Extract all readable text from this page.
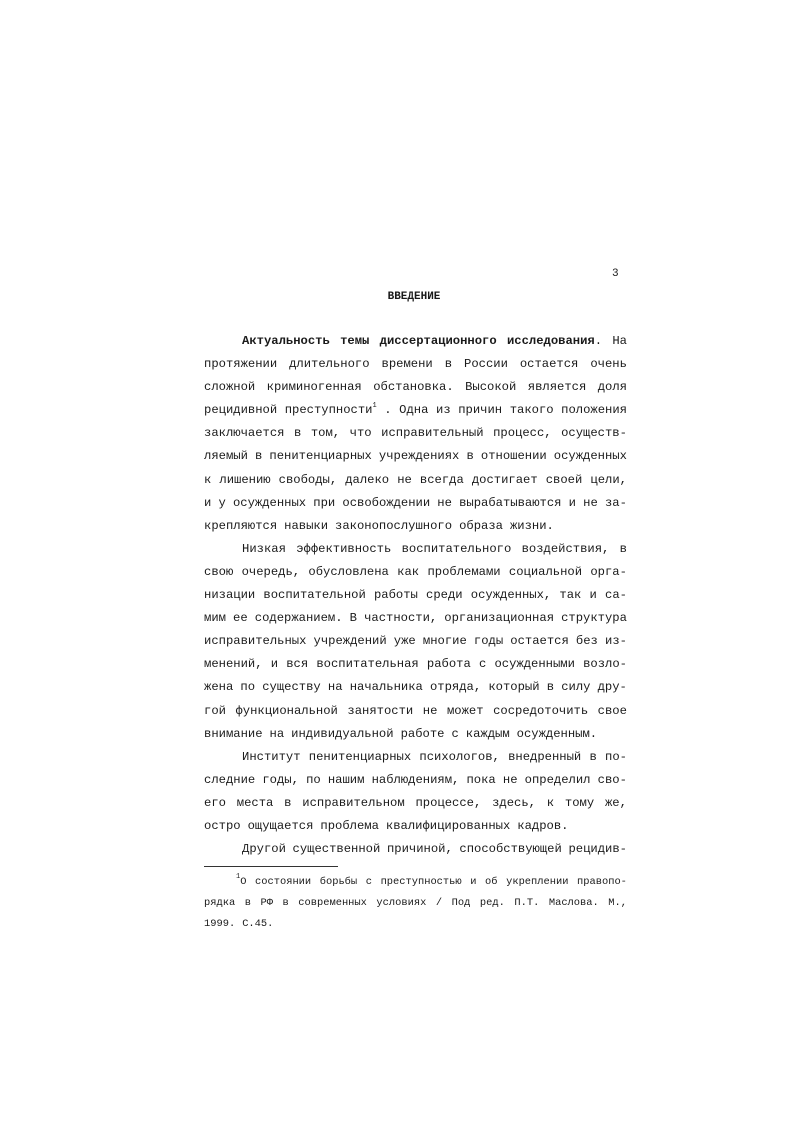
3
ВВЕДЕНИЕ
Актуальность темы диссертационного исследования. На
протяжении длительного времени в России остается очень
сложной криминогенная обстановка. Высокой является доля
рецидивной преступности$^1$ . Одна из причин такого положения
заключается в том, что исправительный процесс, осуществ-
ляемый в пенитенциарных учреждениях в отношении осужденных
к лишению свободы, далеко не всегда достигает своей цели,
и у осужденных при освобождении не вырабатываются и не за-
крепляются навыки законопослушного образа жизни.
Низкая эффективность воспитательного воздействия, в
свою очередь, обусловлена как проблемами социальной орга-
низации воспитательной работы среди осужденных, так и са-
мим ее содержанием. В частности, организационная структура
исправительных учреждений уже многие годы остается без из-
менений, и вся воспитательная работа с осужденными возло-
жена по существу на начальника отряда, который в силу дру-
гой функциональной занятости не может сосредоточить свое
внимание на индивидуальной работе с каждым осужденным.
Институт пенитенциарных психологов, внедренный в по-
следние годы, по нашим наблюдениям, пока не определил сво-
его места в исправительном процессе, здесь, к тому же,
остро ощущается проблема квалифицированных кадров.
Другой существенной причиной, способствующей рецидив-
$^1$О состоянии борьбы с преступностью и об укреплении правопо-
рядка в РФ в современных условиях / Под ред. П.Т. Маслова. М.,
1999. С.45.
